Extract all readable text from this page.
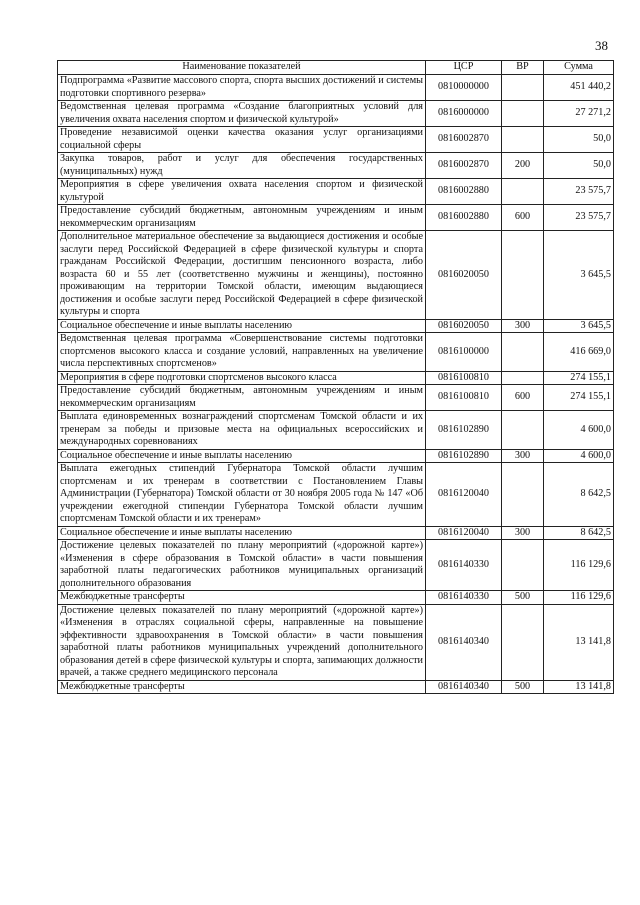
38
Наименование показателей	ЦСР	ВР	Сумма
Подпрограмма «Развитие массового спорта, спорта высших достижений и системы подготовки спортивного резерва»	0810000000		451 440,2
Ведомственная целевая программа «Создание благоприятных условий для увеличения охвата населения спортом и физической культурой»	0816000000		27 271,2
Проведение независимой оценки качества оказания услуг организациями социальной сферы	0816002870		50,0
Закупка товаров, работ и услуг для обеспечения государственных (муниципальных) нужд	0816002870	200	50,0
Мероприятия в сфере увеличения охвата населения спортом и физической культурой	0816002880		23 575,7
Предоставление субсидий бюджетным, автономным учреждениям и иным некоммерческим организациям	0816002880	600	23 575,7
Дополнительное материальное обеспечение за выдающиеся достижения и особые заслуги перед Российской Федерацией в сфере физической культуры и спорта гражданам Российской Федерации, достигшим пенсионного возраста, либо возраста 60 и 55 лет (соответственно мужчины и женщины), постоянно проживающим на территории Томской области, имеющим выдающиеся достижения и особые заслуги перед Российской Федерацией в сфере физической культуры и спорта	0816020050		3 645,5
Социальное обеспечение и иные выплаты населению	0816020050	300	3 645,5
Ведомственная целевая программа «Совершенствование системы подготовки спортсменов высокого класса и создание условий, направленных на увеличение числа перспективных спортсменов»	0816100000		416 669,0
Мероприятия в сфере подготовки спортсменов высокого класса	0816100810		274 155,1
Предоставление субсидий бюджетным, автономным учреждениям и иным некоммерческим организациям	0816100810	600	274 155,1
Выплата единовременных вознаграждений спортсменам Томской области и их тренерам за победы и призовые места на официальных всероссийских и международных соревнованиях	0816102890		4 600,0
Социальное обеспечение и иные выплаты населению	0816102890	300	4 600,0
Выплата ежегодных стипендий Губернатора Томской области лучшим спортсменам и их тренерам в соответствии с Постановлением Главы Администрации (Губернатора) Томской области от 30 ноября 2005 года № 147 «Об учреждении ежегодной стипендии Губернатора Томской области лучшим спортсменам Томской области и их тренерам»	0816120040		8 642,5
Социальное обеспечение и иные выплаты населению	0816120040	300	8 642,5
Достижение целевых показателей по плану мероприятий («дорожной карте») «Изменения в сфере образования в Томской области» в части повышения заработной платы педагогических работников муниципальных организаций дополнительного образования	0816140330		116 129,6
Межбюджетные трансферты	0816140330	500	116 129,6
Достижение целевых показателей по плану мероприятий («дорожной карте») «Изменения в отраслях социальной сферы, направленные на повышение эффективности здравоохранения в Томской области» в части повышения заработной платы работников муниципальных учреждений дополнительного образования детей в сфере физической культуры и спорта, запимающих должности врачей, а также среднего медицинского персонала	0816140340		13 141,8
Межбюджетные трансферты	0816140340	500	13 141,8
